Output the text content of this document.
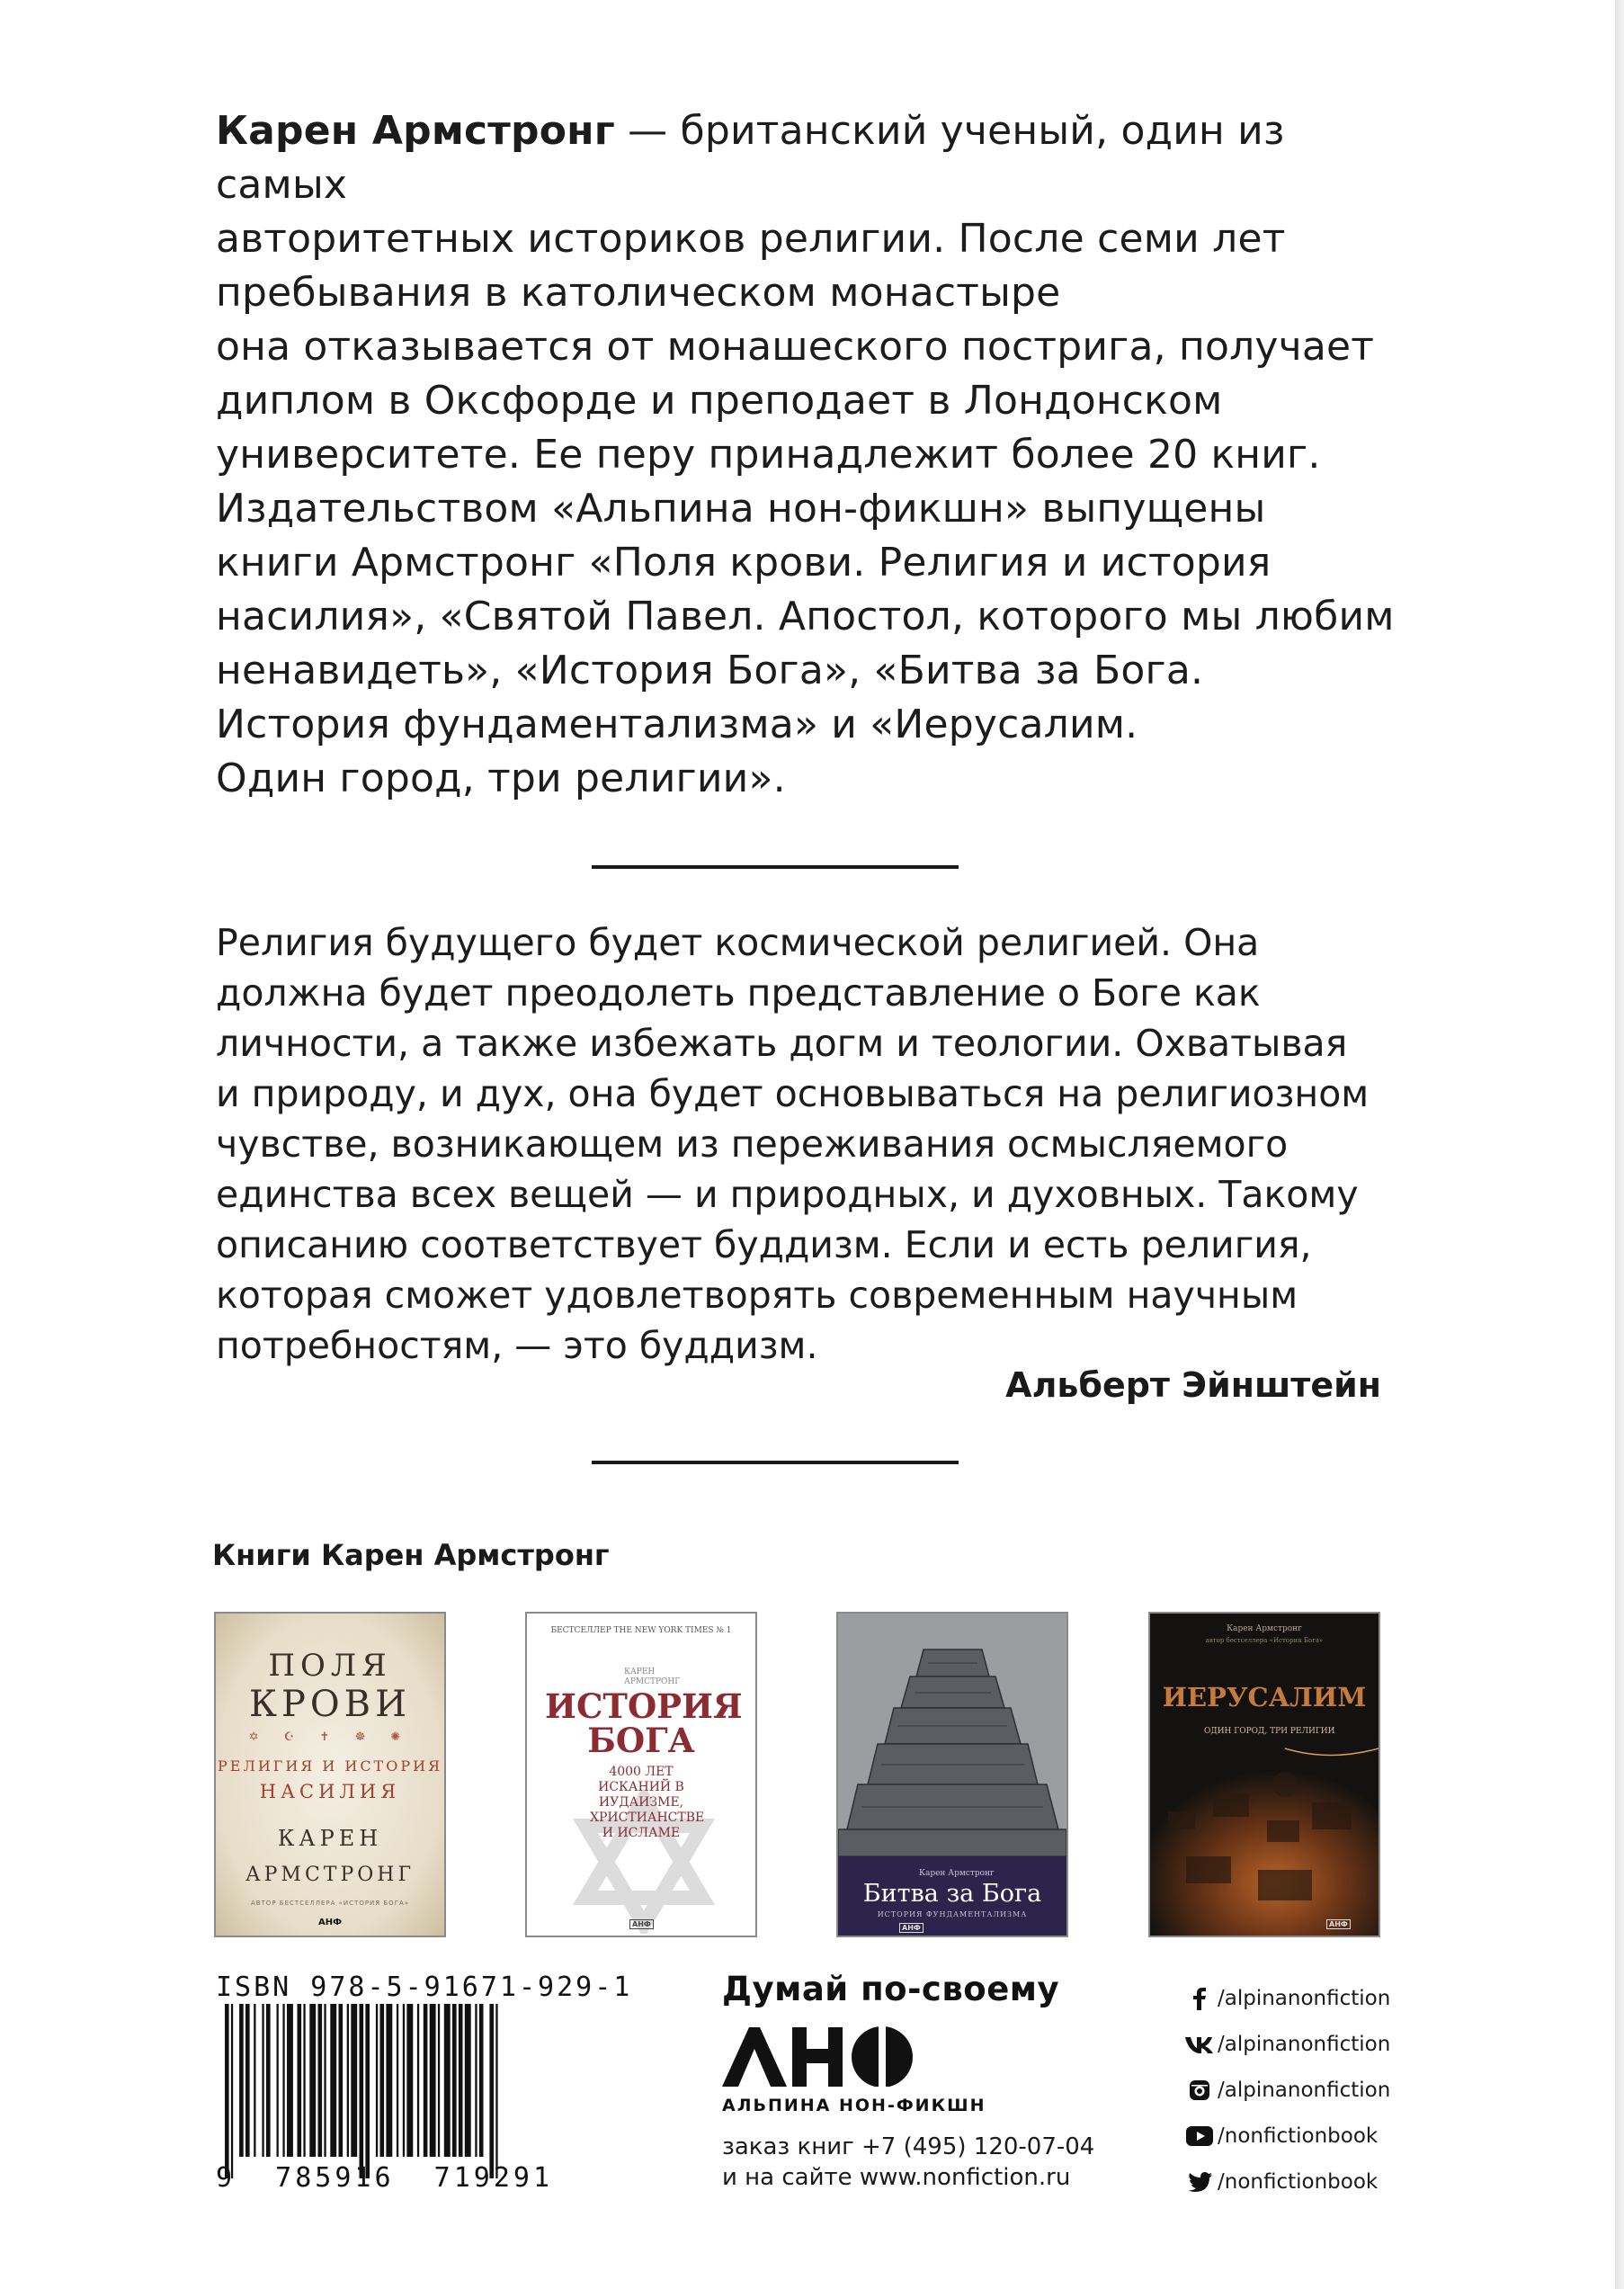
Карен Армстронг — британский ученый, один из самых

авторитетных историков религии. После семи лет

пребывания в католическом монастыре

она отказывается от монашеского пострига, получает

диплом в Оксфорде и преподает в Лондонском

университете. Ее перу принадлежит более 20 книг.

Издательством «Альпина нон-фикшн» выпущены

книги Армстронг «Поля крови. Религия и история

насилия», «Святой Павел. Апостол, которого мы любим

ненавидеть», «История Бога», «Битва за Бога.

История фундаментализма» и «Иерусалим.

Один город, три религии».

Религия будущего будет космической религией. Она

должна будет преодолеть представление о Боге как

личности, а также избежать догм и теологии. Охватывая

и природу, и дух, она будет основываться на религиозном

чувстве, возникающем из переживания осмысляемого

единства всех вещей — и природных, и духовных. Такому

описанию соответствует буддизм. Если и есть религия,

которая сможет удовлетворять современным научным

потребностям, — это буддизм.

Альберт Эйнштейн
Книги Карен Армстронг
ПОЛЯ
КРОВИ
✡ ☪ ✝ ☸ ✺
РЕЛИГИЯ И ИСТОРИЯ
НАСИЛИЯ
КАРЕН
АРМСТРОНГ
АВТОР БЕСТСЕЛЛЕРА «ИСТОРИЯ БОГА»
АНФ
БЕСТСЕЛЛЕР THE NEW YORK TIMES № 1
КАРЕН АРМСТРОНГ
ИСТОРИЯ БОГА
4000 ЛЕТ ИСКАНИЙ В ИУДАИЗМЕ, ХРИСТИАНСТВЕ И ИСЛАМЕ
АНФ
Карен Армстронг
Битва за Бога
ИСТОРИЯ ФУНДАМЕНТАЛИЗМА
АНФ
Карен Армстронг
автор бестселлера «История Бога»
ИЕРУСАЛИМ
ОДИН ГОРОД, ТРИ РЕЛИГИИ
АНФ
ISBN 978-5-91671-929-1
9  785916  719291
Думай по-своему
АЛЬПИНА НОН-ФИКШН
заказ книг +7 (495) 120-07-04
и на сайте www.nonfiction.ru
/alpinanonfiction
/alpinanonfiction
/alpinanonfiction
/nonfictionbook
/nonfictionbook
